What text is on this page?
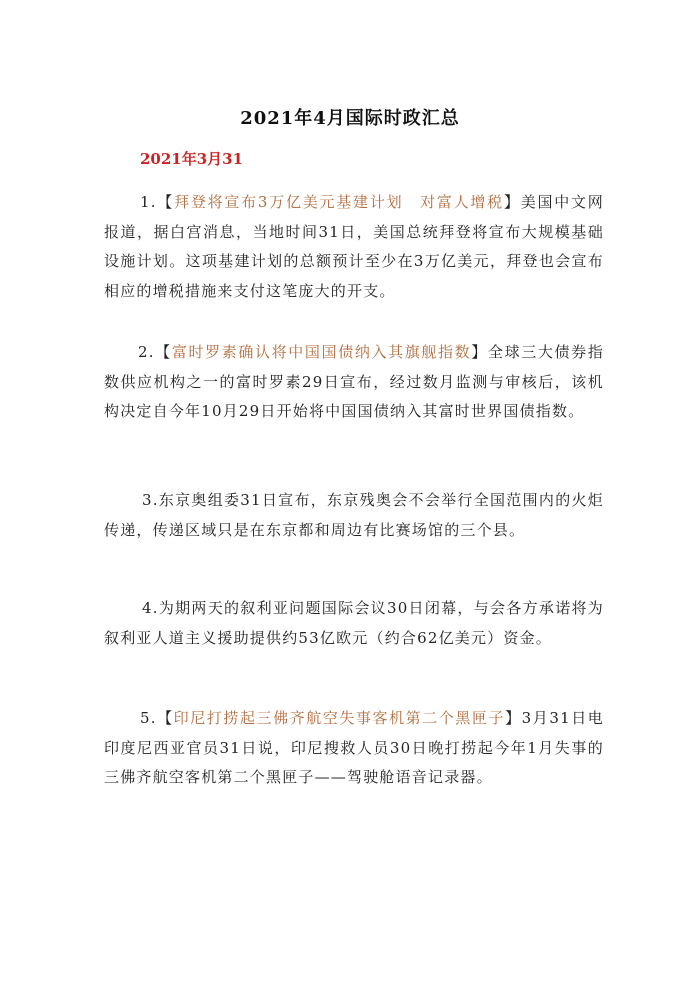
2021年4月国际时政汇总
2021年3月31
1.【拜登将宣布3万亿美元基建计划　对富人增税】美国中文网报道，据白宫消息，当地时间31日，美国总统拜登将宣布大规模基础设施计划。这项基建计划的总额预计至少在3万亿美元，拜登也会宣布相应的增税措施来支付这笔庞大的开支。
2.【富时罗素确认将中国国债纳入其旗舰指数】全球三大债券指数供应机构之一的富时罗素29日宣布，经过数月监测与审核后，该机构决定自今年10月29日开始将中国国债纳入其富时世界国债指数。
3.东京奥组委31日宣布，东京残奥会不会举行全国范围内的火炬传递，传递区域只是在东京都和周边有比赛场馆的三个县。
4.为期两天的叙利亚问题国际会议30日闭幕，与会各方承诺将为叙利亚人道主义援助提供约53亿欧元（约合62亿美元）资金。
5.【印尼打捞起三佛齐航空失事客机第二个黑匣子】3月31日电　印度尼西亚官员31日说，印尼搜救人员30日晚打捞起今年1月失事的三佛齐航空客机第二个黑匣子——驾驶舱语音记录器。
